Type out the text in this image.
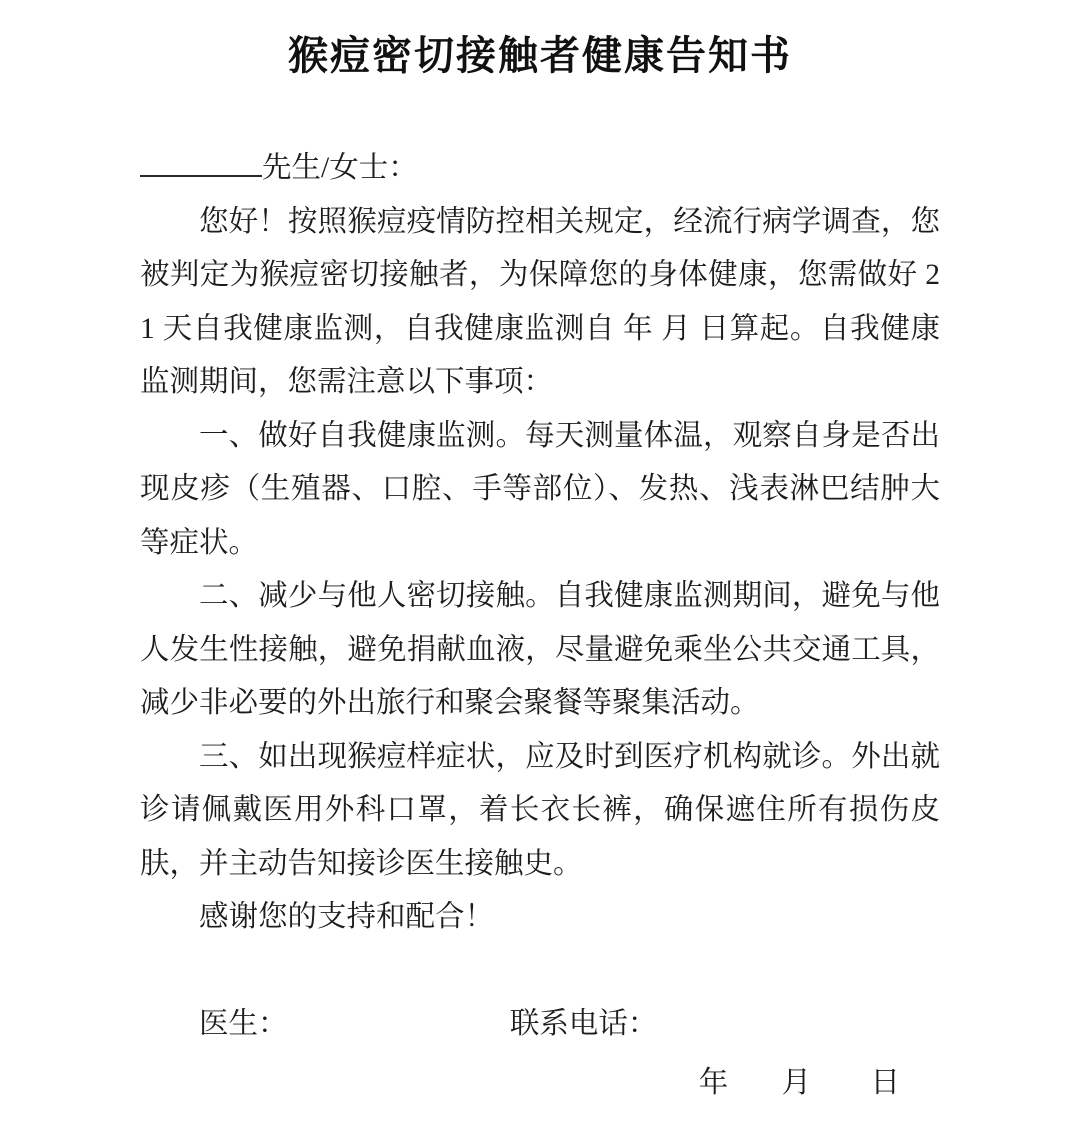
猴痘密切接触者健康告知书
先生/女士：

您好！按照猴痘疫情防控相关规定，经流行病学调查，您被判定为猴痘密切接触者，为保障您的身体健康，您需做好 21 天自我健康监测，自我健康监测自 年 月 日算起。自我健康监测期间，您需注意以下事项：

一、做好自我健康监测。每天测量体温，观察自身是否出现皮疹（生殖器、口腔、手等部位）、发热、浅表淋巴结肿大等症状。

二、减少与他人密切接触。自我健康监测期间，避免与他人发生性接触，避免捐献血液，尽量避免乘坐公共交通工具，减少非必要的外出旅行和聚会聚餐等聚集活动。

三、如出现猴痘样症状，应及时到医疗机构就诊。外出就诊请佩戴医用外科口罩，着长衣长裤，确保遮住所有损伤皮肤，并主动告知接诊医生接触史。

感谢您的支持和配合！

医生：	联系电话：
年 月 日
